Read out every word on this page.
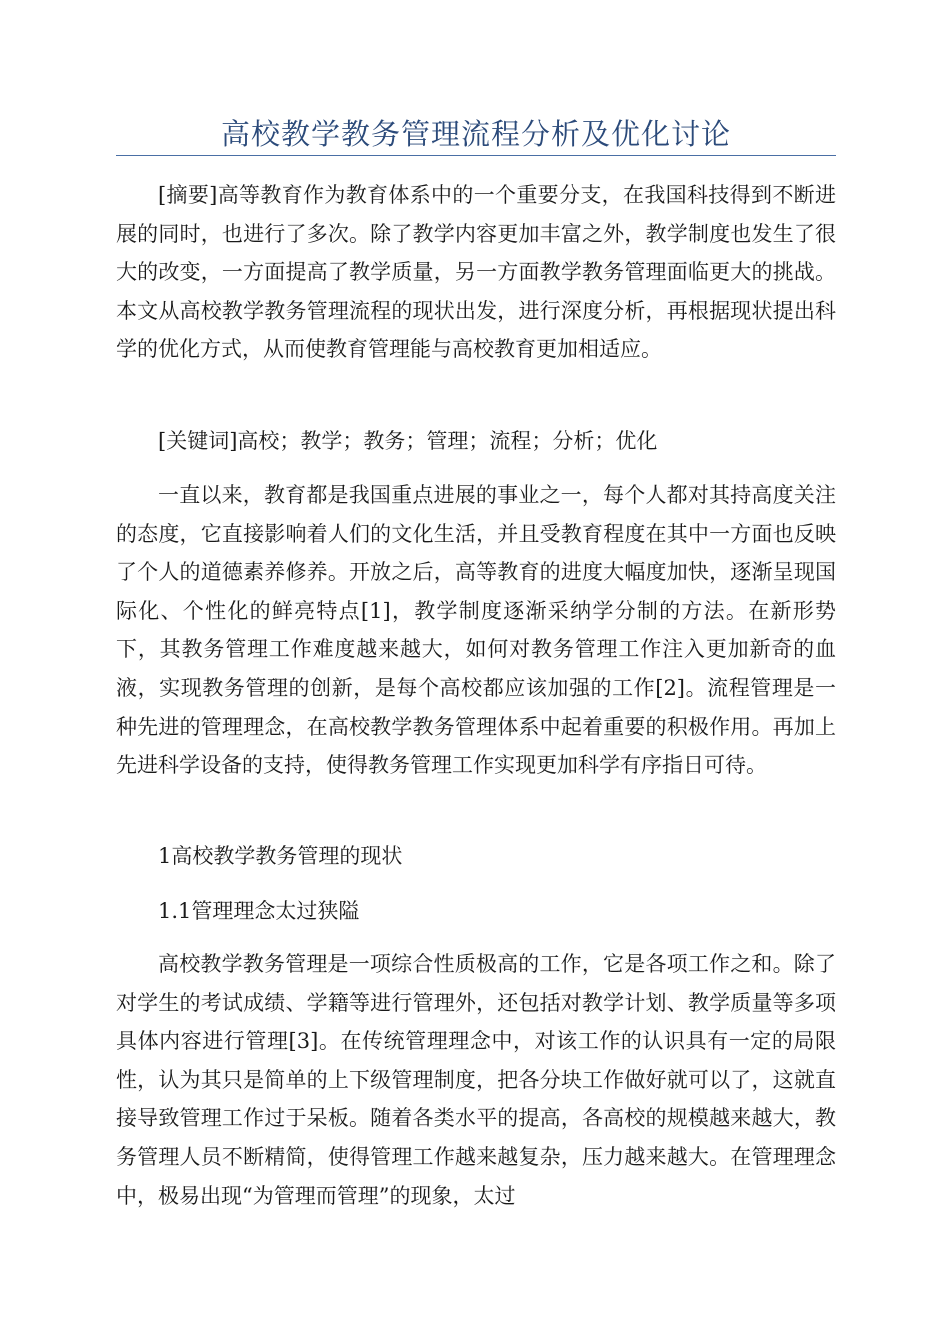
高校教学教务管理流程分析及优化讨论

[摘要]高等教育作为教育体系中的一个重要分支，在我国科技得到不断进展的同时，也进行了多次。除了教学内容更加丰富之外，教学制度也发生了很大的改变，一方面提高了教学质量，另一方面教学教务管理面临更大的挑战。本文从高校教学教务管理流程的现状出发，进行深度分析，再根据现状提出科学的优化方式，从而使教育管理能与高校教育更加相适应。

[关键词]高校；教学；教务；管理；流程；分析；优化

一直以来，教育都是我国重点进展的事业之一，每个人都对其持高度关注的态度，它直接影响着人们的文化生活，并且受教育程度在其中一方面也反映了个人的道德素养修养。开放之后，高等教育的进度大幅度加快，逐渐呈现国际化、个性化的鲜亮特点[1]，教学制度逐渐采纳学分制的方法。在新形势下，其教务管理工作难度越来越大，如何对教务管理工作注入更加新奇的血液，实现教务管理的创新，是每个高校都应该加强的工作[2]。流程管理是一种先进的管理理念，在高校教学教务管理体系中起着重要的积极作用。再加上先进科学设备的支持，使得教务管理工作实现更加科学有序指日可待。

1高校教学教务管理的现状

1.1管理理念太过狭隘

高校教学教务管理是一项综合性质极高的工作，它是各项工作之和。除了对学生的考试成绩、学籍等进行管理外，还包括对教学计划、教学质量等多项具体内容进行管理[3]。在传统管理理念中，对该工作的认识具有一定的局限性，认为其只是简单的上下级管理制度，把各分块工作做好就可以了，这就直接导致管理工作过于呆板。随着各类水平的提高，各高校的规模越来越大，教务管理人员不断精简，使得管理工作越来越复杂，压力越来越大。在管理理念中，极易出现“为管理而管理”的现象，太过
